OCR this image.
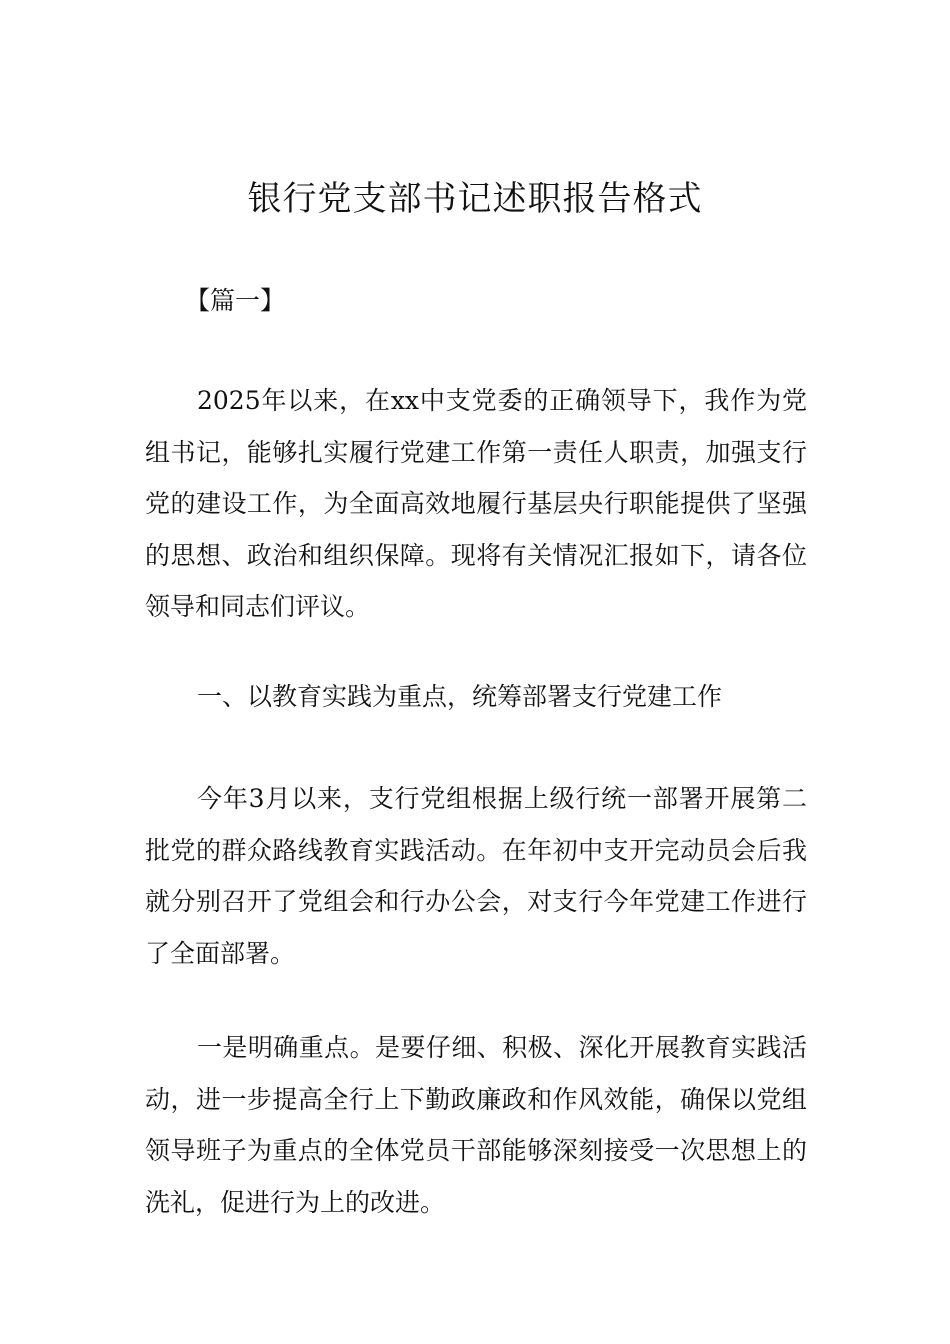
银行党支部书记述职报告格式

【篇一】

2025年以来，在xx中支党委的正确领导下，我作为党组书记，能够扎实履行党建工作第一责任人职责，加强支行党的建设工作，为全面高效地履行基层央行职能提供了坚强的思想、政治和组织保障。现将有关情况汇报如下，请各位领导和同志们评议。

一、以教育实践为重点，统筹部署支行党建工作

今年3月以来，支行党组根据上级行统一部署开展第二批党的群众路线教育实践活动。在年初中支开完动员会后我就分别召开了党组会和行办公会，对支行今年党建工作进行了全面部署。

一是明确重点。是要仔细、积极、深化开展教育实践活动，进一步提高全行上下勤政廉政和作风效能，确保以党组领导班子为重点的全体党员干部能够深刻接受一次思想上的洗礼，促进行为上的改进。
